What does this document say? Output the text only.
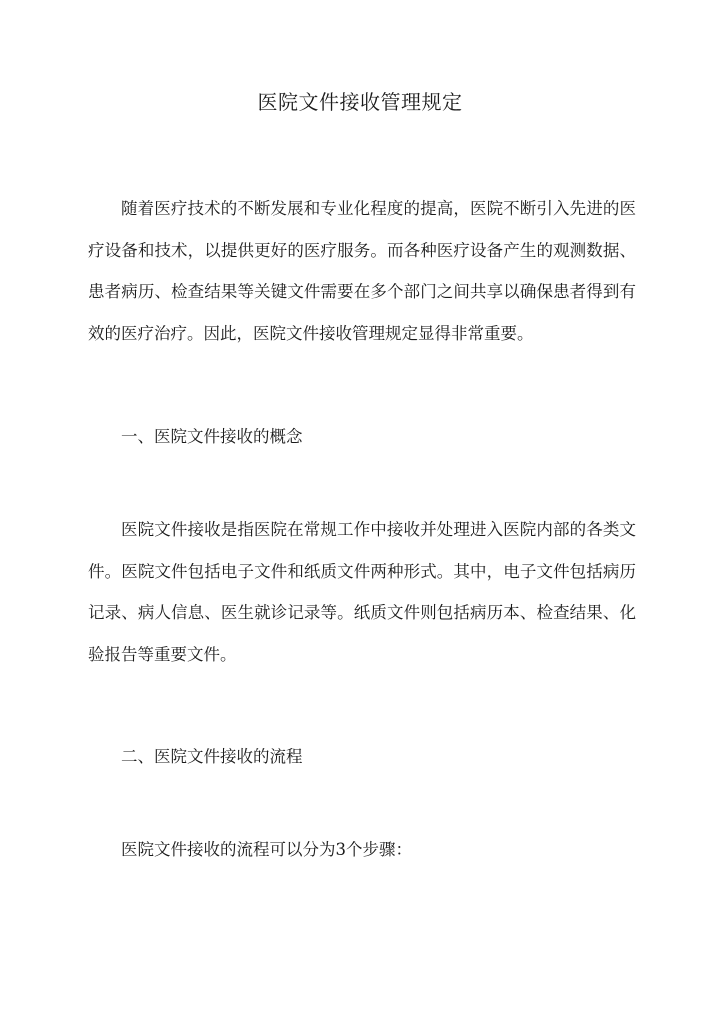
医院文件接收管理规定

随着医疗技术的不断发展和专业化程度的提高，医院不断引入先进的医疗设备和技术，以提供更好的医疗服务。而各种医疗设备产生的观测数据、患者病历、检查结果等关键文件需要在多个部门之间共享以确保患者得到有效的医疗治疗。因此，医院文件接收管理规定显得非常重要。

一、医院文件接收的概念

医院文件接收是指医院在常规工作中接收并处理进入医院内部的各类文件。医院文件包括电子文件和纸质文件两种形式。其中，电子文件包括病历记录、病人信息、医生就诊记录等。纸质文件则包括病历本、检查结果、化验报告等重要文件。

二、医院文件接收的流程

医院文件接收的流程可以分为3个步骤：
